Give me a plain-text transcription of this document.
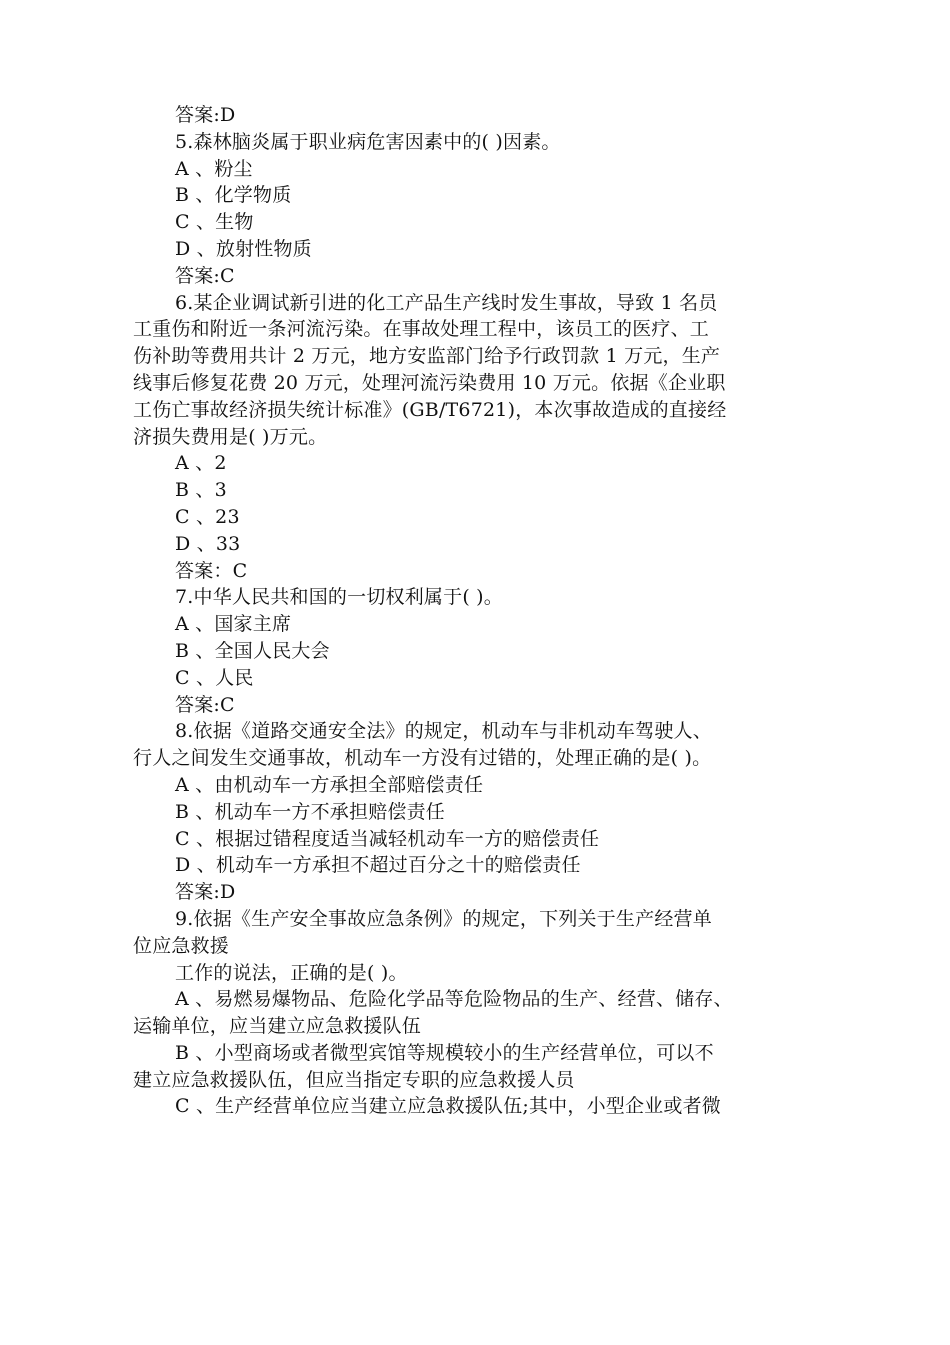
答案:D
5.森林脑炎属于职业病危害因素中的( )因素。
A 、粉尘
B 、化学物质
C 、生物
D 、放射性物质
答案:C
6.某企业调试新引进的化工产品生产线时发生事故，导致 1 名员
工重伤和附近一条河流污染。在事故处理工程中，该员工的医疗、工
伤补助等费用共计 2 万元，地方安监部门给予行政罚款 1 万元，生产
线事后修复花费 20 万元，处理河流污染费用 10 万元。依据《企业职
工伤亡事故经济损失统计标准》(GB/T6721)，本次事故造成的直接经
济损失费用是( )万元。
A 、2
B 、3
C 、23
D 、33
答案：C
7.中华人民共和国的一切权利属于( )。
A 、国家主席
B 、全国人民大会
C 、人民
答案:C
8.依据《道路交通安全法》的规定，机动车与非机动车驾驶人、
行人之间发生交通事故，机动车一方没有过错的，处理正确的是( )。
A 、由机动车一方承担全部赔偿责任
B 、机动车一方不承担赔偿责任
C 、根据过错程度适当减轻机动车一方的赔偿责任
D 、机动车一方承担不超过百分之十的赔偿责任
答案:D
9.依据《生产安全事故应急条例》的规定，下列关于生产经营单
位应急救援
工作的说法，正确的是( )。
A 、易燃易爆物品、危险化学品等危险物品的生产、经营、储存、
运输单位，应当建立应急救援队伍
B 、小型商场或者微型宾馆等规模较小的生产经营单位，可以不
建立应急救援队伍，但应当指定专职的应急救援人员
C 、生产经营单位应当建立应急救援队伍;其中，小型企业或者微
